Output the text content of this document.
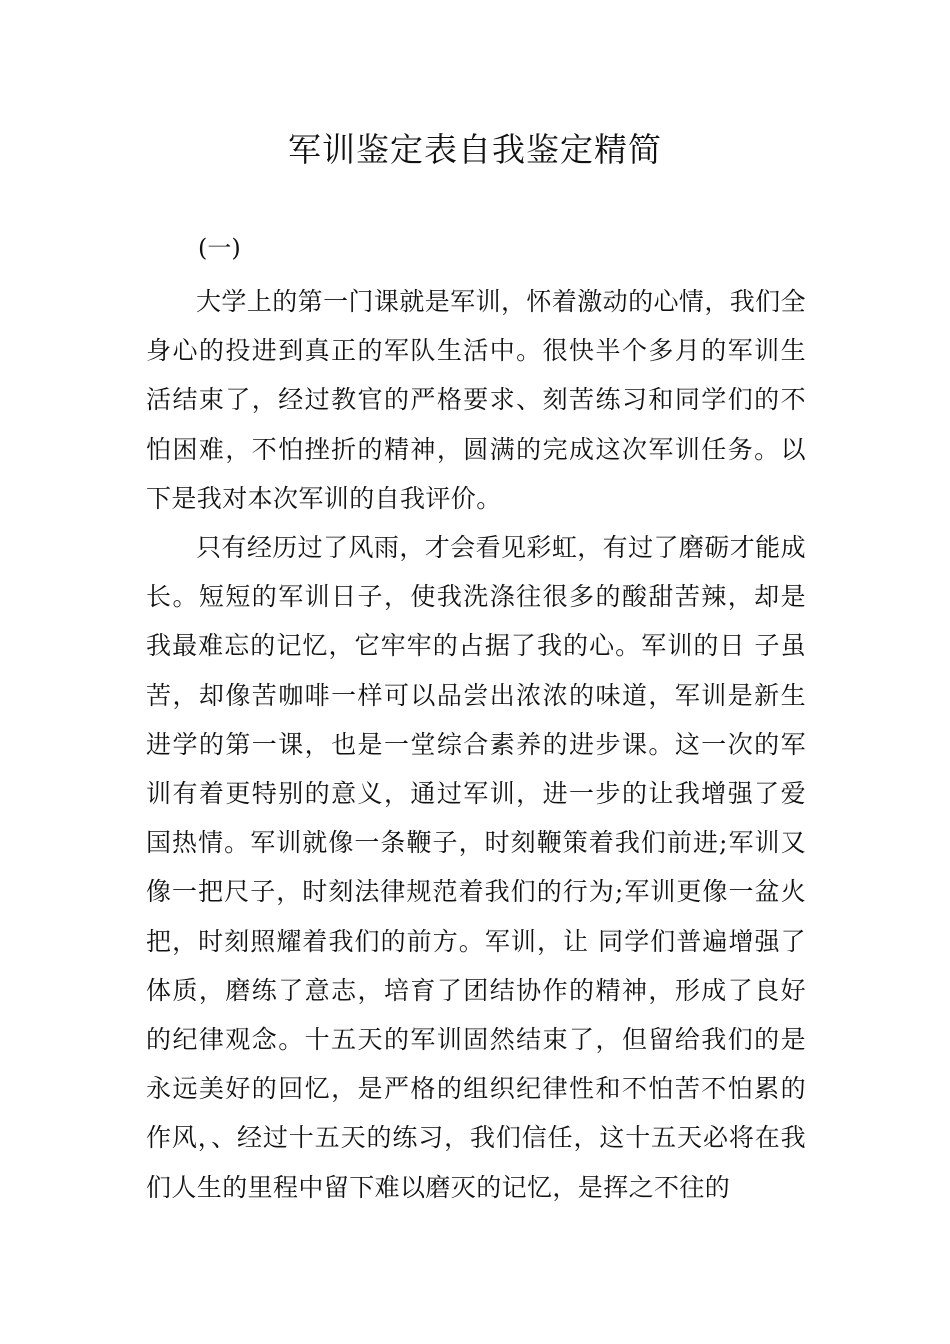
军训鉴定表自我鉴定精简

(一)

大学上的第一门课就是军训，怀着激动的心情，我们全身心的投进到真正的军队生活中。很快半个多月的军训生活结束了，经过教官的严格要求、刻苦练习和同学们的不怕困难，不怕挫折的精神，圆满的完成这次军训任务。以下是我对本次军训的自我评价。

只有经历过了风雨，才会看见彩虹，有过了磨砺才能成长。短短的军训日子，使我洗涤往很多的酸甜苦辣，却是我最难忘的记忆，它牢牢的占据了我的心。军训的日 子虽苦，却像苦咖啡一样可以品尝出浓浓的味道，军训是新生进学的第一课，也是一堂综合素养的进步课。这一次的军训有着更特别的意义，通过军训，进一步的让我增强了爱国热情。军训就像一条鞭子，时刻鞭策着我们前进;军训又像一把尺子，时刻法律规范着我们的行为;军训更像一盆火把，时刻照耀着我们的前方。军训，让 同学们普遍增强了体质，磨练了意志，培育了团结协作的精神，形成了良好的纪律观念。十五天的军训固然结束了，但留给我们的是永远美好的回忆，是严格的组织纪律性和不怕苦不怕累的作风，、经过十五天的练习，我们信任，这十五天必将在我们人生的里程中留下难以磨灭的记忆，是挥之不往的
